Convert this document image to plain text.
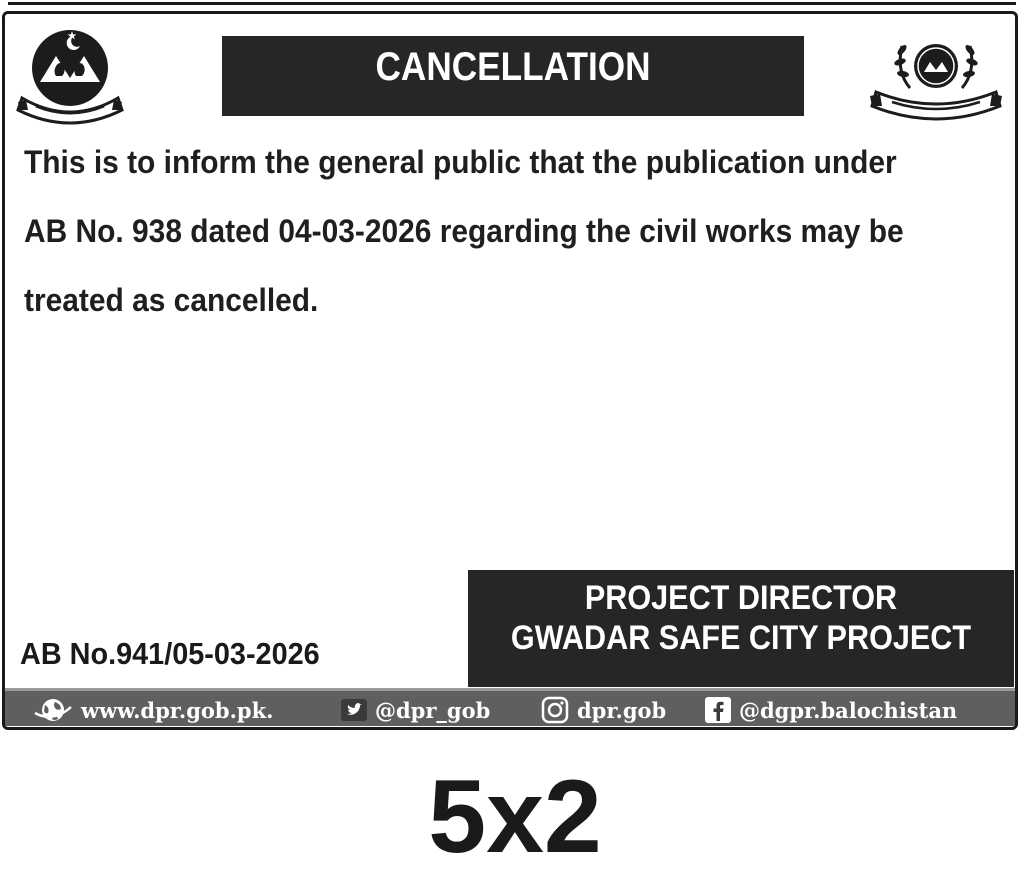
CANCELLATION
This is to inform the general public that the publication under
AB No. 938 dated 04-03-2026 regarding the civil works may be
treated as cancelled.
PROJECT DIRECTOR
GWADAR SAFE CITY PROJECT
AB No.941/05-03-2026
www.dpr.gob.pk.	@dpr_gob	dpr.gob	@dgpr.balochistan
5x2
